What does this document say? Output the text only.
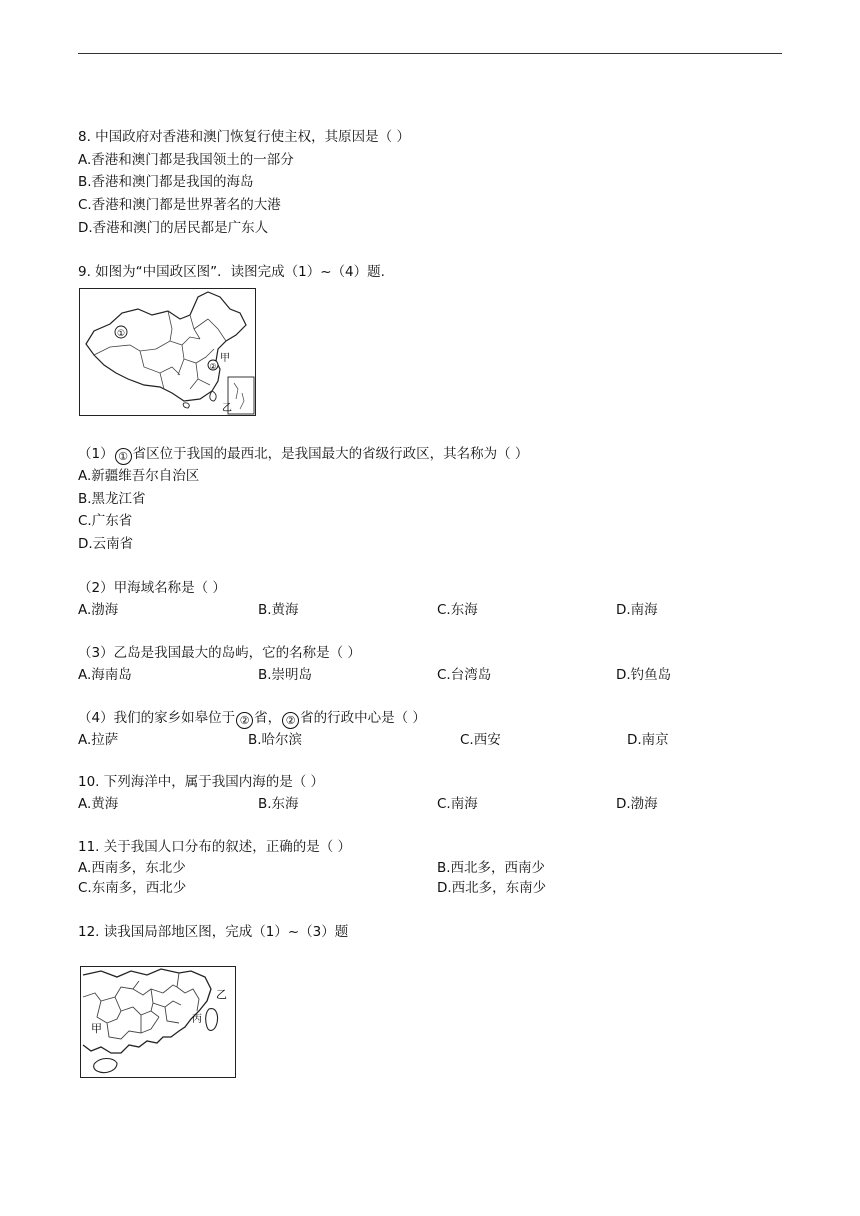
8. 中国政府对香港和澳门恢复行使主权，其原因是（ ）
A.香港和澳门都是我国领土的一部分
B.香港和澳门都是我国的海岛
C.香港和澳门都是世界著名的大港
D.香港和澳门的居民都是广东人
9. 如图为“中国政区图”．读图完成（1）~（4）题.
①
甲
②
乙
（1） ① 省区位于我国的最西北，是我国最大的省级行政区，其名称为（ ）
A.新疆维吾尔自治区
B.黑龙江省
C.广东省
D.云南省
（2）甲海域名称是（ ）
A.渤海	B.黄海	C.东海	D.南海
（3）乙岛是我国最大的岛屿，它的名称是（ ）
A.海南岛	B.崇明岛	C.台湾岛	D.钓鱼岛
（4）我们的家乡如皋位于 ② 省， ② 省的行政中心是（ ）
A.拉萨	B.哈尔滨	C.西安	D.南京
10. 下列海洋中，属于我国内海的是（ ）
A.黄海	B.东海	C.南海	D.渤海
11. 关于我国人口分布的叙述，正确的是（ ）
A.西南多，东北少	B.西北多，西南少
C.东南多，西北少	D.西北多，东南少
12. 读我国局部地区图，完成（1）~（3）题
甲
乙
丙
